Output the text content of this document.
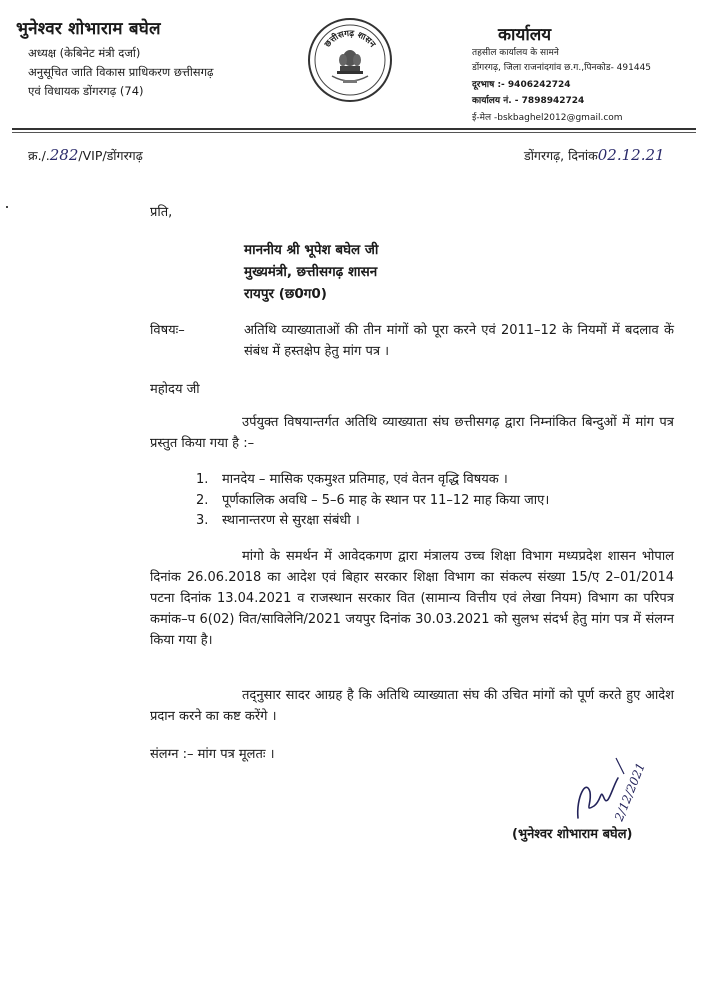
भुनेश्वर शोभाराम बघेल
अध्यक्ष (केबिनेट मंत्री दर्जा)
अनुसूचित जाति विकास प्राधिकरण छत्तीसगढ़
एवं विधायक डोंगरगढ़ (74)
छत्तीसगढ़ शासन	कार्यालय
तहसील कार्यालय के सामने
डोंगरगढ़, जिला राजनांदगांव छ.ग.,पिनकोड- 491445
दूरभाष :- 9406242724
कार्यालय नं. - 7898942724
ई-मेल -bskbaghel2012@gmail.com
क्र./.282/VIP/डोंगरगढ़	डोंगरगढ़, दिनांक02.12.21
प्रति,
माननीय श्री भूपेश बघेल जी
मुख्यमंत्री, छत्तीसगढ़ शासन
रायपुर (छ0ग0)
विषयः–	अतिथि व्याख्याताओं की तीन मांगों को पूरा करने एवं 2011–12 के नियमों में बदलाव कें संबंध में हस्तक्षेप हेतु मांग पत्र ।
महोदय जी
उर्पयुक्त विषयान्तर्गत अतिथि व्याख्याता संघ छत्तीसगढ़ द्वारा निम्नांकित बिन्दुओं में मांग पत्र प्रस्तुत किया गया है :–
1. मानदेय – मासिक एकमुश्त प्रतिमाह, एवं वेतन वृद्धि विषयक ।
2. पूर्णकालिक अवधि – 5–6 माह के स्थान पर 11–12 माह किया जाए।
3. स्थानान्तरण से सुरक्षा संबंधी ।
मांगो के समर्थन में आवेदकगण द्वारा मंत्रालय उच्च शिक्षा विभाग मध्यप्रदेश शासन भोपाल दिनांक 26.06.2018 का आदेश एवं बिहार सरकार शिक्षा विभाग का संकल्प संख्या 15/ए 2–01/2014 पटना दिनांक 13.04.2021 व राजस्थान सरकार वित (सामान्य वित्तीय एवं लेखा नियम) विभाग का परिपत्र कमांक–प 6(02) वित/साविलेनि/2021 जयपुर दिनांक 30.03.2021 को सुलभ संदर्भ हेतु मांग पत्र में संलग्न किया गया है।
तद्नुसार सादर आग्रह है कि अतिथि व्याख्याता संघ की उचित मांगों को पूर्ण करते हुए आदेश प्रदान करने का कष्ट करेंगे ।
संलग्न :– मांग पत्र मूलतः ।
2/12/2021
(भुनेश्वर शोभाराम बघेल)
